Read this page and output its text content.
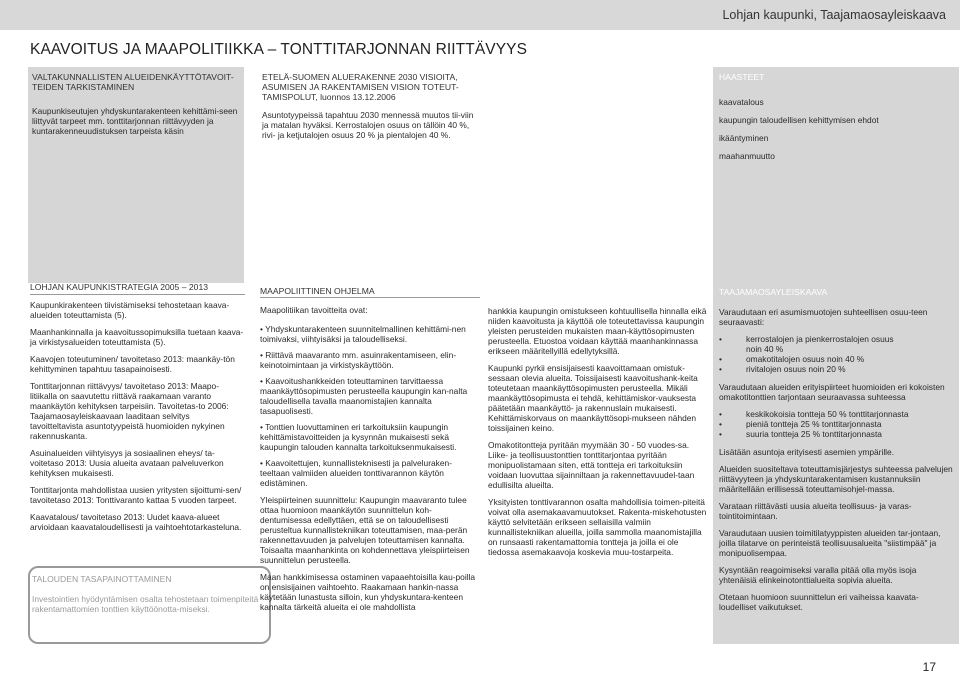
Lohjan kaupunki, Taajamaosayleiskaava
KAAVOITUS JA MAAPOLITIIKKA – TONTTITARJONNAN RIITTÄVYYS
VALTAKUNNALLISTEN ALUEIDENKÄYTTÖTAVOIT-TEIDEN TARKISTAMINEN
Kaupunkiseutujen yhdyskuntarakenteen kehittämi-seen liittyvät tarpeet mm. tonttitarjonnan riittävyyden ja kuntarakenneuudistuksen tarpeista käsin
ETELÄ-SUOMEN ALUERAKENNE 2030 VISIOITA, ASUMISEN JA RAKENTAMISEN VISION TOTEUT-TAMISPOLUT, luonnos 13.12.2006
Asuntotyypeissä tapahtuu 2030 mennessä muutos tii-viin ja matalan hyväksi. Kerrostalojen osuus on tällöin 40 %, rivi- ja ketjutalojen osuus 20 % ja pientalojen 40 %.
HAASTEET
kaavatalous
kaupungin taloudellisen kehittymisen ehdot
ikääntyminen
maahanmuutto
LOHJAN KAUPUNKISTRATEGIA 2005 – 2013
Kaupunkirakenteen tiivistämiseksi tehostetaan kaava-alueiden toteuttamista (5).
Maanhankinnalla ja kaavoitussopimuksilla tuetaan kaava- ja virkistysalueiden toteuttamista (5).
Kaavojen toteutuminen/ tavoitetaso 2013: maankäy-tön kehittyminen tapahtuu tasapainoisesti.
Tonttitarjonnan riittävyys/ tavoitetaso 2013: Maapo-litiikalla on saavutettu riittävä raakamaan varanto maankäytön kehityksen tarpeisiin. Tavoitetas-to 2006: Taajamaosayleiskaavaan laaditaan selvitys tavoitteltavista asuntotyypeistä huomioiden nykyinen rakennuskanta.
Asuinalueiden viihtyisyys ja sosiaalinen eheys/ ta-voitetaso 2013: Uusia alueita avataan palveluverkon kehityksen mukaisesti.
Tonttitarjonta mahdollistaa uusien yritysten sijoittumi-sen/ tavoitetaso 2013: Tonttivaranto kattaa 5 vuoden tarpeet.
Kaavatalous/ tavoitetaso 2013: Uudet kaava-alueet arvioidaan kaavataloudellisesti ja vaihtoehtotarkasteluna.
TALOUDEN TASAPAINOTTAMINEN
Investointien hyödyntämisen osalta tehostetaan toimenpiteitä rakentamattomien tonttien käyttöönotta-miseksi.
MAAPOLIITTINEN OHJELMA
Maapolitiikan tavoitteita ovat:
• Yhdyskuntarakenteen suunnitelmallinen kehittämi-nen toimivaksi, viihtyisäksi ja taloudelliseksi.
• Riittävä maavaranto mm. asuinrakentamiseen, elin-keinotoimintaan ja virkistyskäyttöön.
• Kaavoitushankkeiden toteuttaminen tarvittaessa maankäyttösopimusten perusteella kaupungin kan-nalta taloudellisella tavalla maanomistajien kannalta tasapuolisesti.
• Tonttien luovuttaminen eri tarkoituksiin kaupungin kehittämistavoitteiden ja kysynnän mukaisesti sekä kaupungin talouden kannalta tarkoituksenmukaisesti.
• Kaavoitettujen, kunnallisteknisesti ja palveluraken-teeltaan valmiiden alueiden tonttivarannon käytön edistäminen.
Yleispiirteinen suunnittelu: Kaupungin maavaranto tulee ottaa huomioon maankäytön suunnittelun koh-dentumisessa edellyttäen, että se on taloudellisesti perusteltua kunnallistekniikan toteuttamisen, maa-perän rakennettavuuden ja palvelujen toteuttamisen kannalta. Toisaalta maanhankinta on kohdennettava yleispiirteisen suunnittelun perusteella.
Maan hankkimisessa ostaminen vapaaehtoisilla kau-poilla on ensisijainen vaihtoehto. Raakamaan hankin-nassa käytetään lunastusta silloin, kun yhdyskuntara-kenteen kannalta tärkeitä alueita ei ole mahdollista
hankkia kaupungin omistukseen kohtuullisella hinnalla eikä niiden kaavoitusta ja käyttöä ole toteutettavissa kaupungin yleisten perusteiden mukaisten maan-käyttösopimusten perusteella. Etuostoa voidaan käyttää maanhankinnassa erikseen määritellyillä edellytyksillä.
Kaupunki pyrkii ensisijaisesti kaavoittamaan omistuk-sessaan olevia alueita. Toissijaisesti kaavoitushank-keita toteutetaan maankäyttösopimusten perusteella. Mikäli maankäyttösopimusta ei tehdä, kehittämiskor-vauksesta päätetään maankäyttö- ja rakennuslain mukaisesti. Kehittämiskorvaus on maankäyttösopi-mukseen nähden toissijainen keino.
Omakotitontteja pyritään myymään 30 - 50 vuodes-sa. Liike- ja teollisuustonttien tonttitarjontaa pyritään monipuolistamaan siten, että tontteja eri tarkoituksiin voidaan luovuttaa sijainniltaan ja rakennettavuudel-taan edullisilta alueilta.
Yksityisten tonttivarannon osalta mahdollisia toimen-piteitä voivat olla asemakaavamuutokset. Rakenta-miskehotusten käyttö selvitetään erikseen sellaisilla valmiin kunnallistekniikan alueilla, joilla sammolla maanomistajilla on runsaasti rakentamattomia tontteja ja joilla ei ole tiedossa asemakaavoja koskevia muu-tostarpeita.
TAAJAMAOSAYLEISKAAVA
Varaudutaan eri asumismuotojen suhteellisen osuu-teen seuraavasti:
• kerrostalojen ja pienkerrostalojen osuus                         noin 40 %
• omakotitalojen osuus noin 40 %
• rivitalojen osuus noin 20 %
Varaudutaan alueiden erityispiirteet huomioiden eri kokoisten omakotitonttien tarjontaan seuraavassa suhteessa
• keskikokoisia tontteja 50 % tonttitarjonnasta
• pieniä tontteja 25 % tonttitarjonnasta
• suuria tontteja 25 % tonttitarjonnasta
Lisätään asuntoja erityisesti asemien ympärille.
Alueiden suositeltava toteuttamisjärjestys suhteessa palvelujen riittävyyteen ja yhdyskuntarakentamisen kustannuksiin määritellään erillisessä toteuttamisohjel-massa.
Varataan riittävästi uusia alueita teollisuus- ja varas-tointitoimintaan.
Varaudutaan uusien toimitilatyyppisten alueiden tar-jontaan, joilla tilatarve on perinteistä teollisuusalueita "siistimpää" ja monipuolisempaa.
Kysyntään reagoimiseksi varalla pitää olla myös isoja yhtenäisiä elinkeinotonttialueita sopivia alueita.
Otetaan huomioon suunnittelun eri vaiheissa kaavata-loudelliset vaikutukset.
17
